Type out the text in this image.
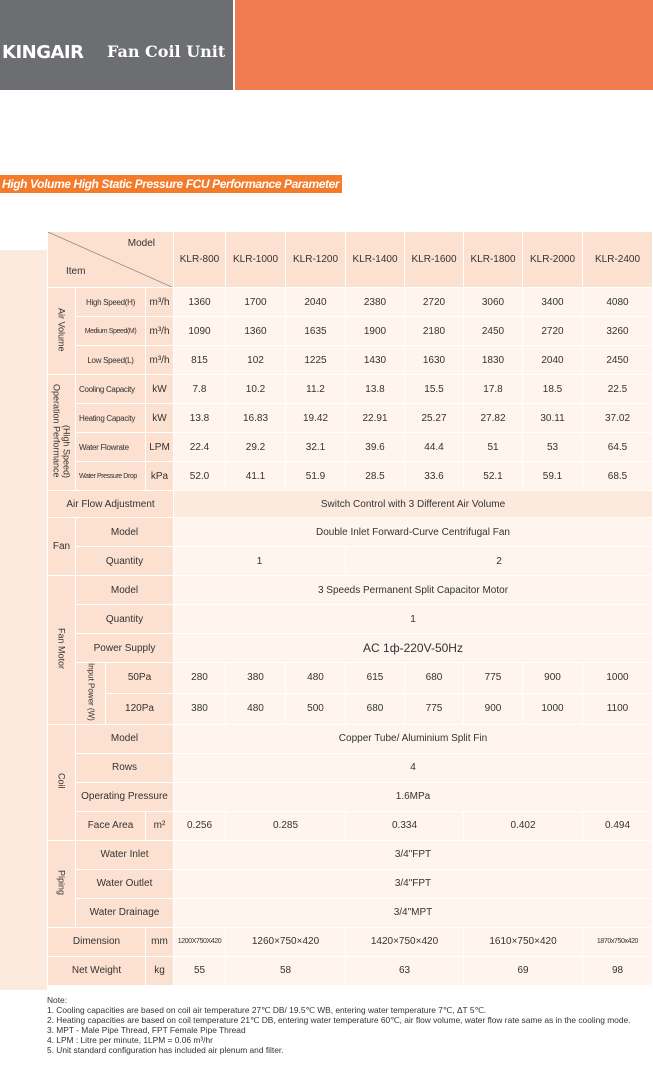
KINGAIR Fan Coil Unit
High Volume High Static Pressure FCU Performance Parameter
Model
Item				KLR-800	KLR-1000	KLR-1200	KLR-1400	KLR-1600	KLR-1800	KLR-2000	KLR-2400
Air Volume	High Speed(H)		m³/h	1360	1700	2040	2380	2720	3060	3400	4080
	Medium Speed(M)		m³/h	1090	1360	1635	1900	2180	2450	2720	3260
	Low Speed(L)		m³/h	815	102	1225	1430	1630	1830	2040	2450
Operation Performance(High Speed)	Cooling Capacity		kW	7.8	10.2	11.2	13.8	15.5	17.8	18.5	22.5
	Heating Capacity		kW	13.8	16.83	19.42	22.91	25.27	27.82	30.11	37.02
	Water Flowrate		LPM	22.4	29.2	32.1	39.6	44.4	51	53	64.5
	Water Pressure Drop		kPa	52.0	41.1	51.9	28.5	33.6	52.1	59.1	68.5
Air Flow Adjustment				Switch Control with 3 Different Air Volume							
Fan	Model			Double Inlet Forward-Curve Centrifugal Fan							
	Quantity			1			2				
Fan Motor	Model			3 Speeds Permanent Split Capacitor Motor							
	Quantity			1							
	Power Supply			AC 1ф-220V-50Hz							
	Input Power (W)	50Pa		280	380	480	615	680	775	900	1000
		120Pa		380	480	500	680	775	900	1000	1100
Coil	Model			Copper Tube/ Aluminium Split Fin							
	Rows			4							
	Operating Pressure			1.6MPa							
	Face Area		m²	0.256	0.285		0.334		0.402		0.494
Piping	Water Inlet			3/4"FPT							
	Water Outlet			3/4"FPT							
	Water Drainage			3/4"MPT							
Dimension			mm	1200X750X420	1260×750×420		1420×750×420		1610×750×420		1870x750x420
Net Weight			kg	55	58		63		69		98
Note:
1. Cooling capacities are based on coil air temperature 27℃ DB/ 19.5℃ WB, entering water temperature 7℃, ΔT 5℃.
2. Heating capacities are based on coil temperature 21℃ DB, entering water temperature 60℃, air flow volume, water flow rate same as in the cooling mode.
3. MPT - Male Pipe Thread, FPT Female Pipe Thread
4. LPM : Litre per minute, 1LPM = 0.06 m³/hr
5. Unit standard configuration has included air plenum and filter.
